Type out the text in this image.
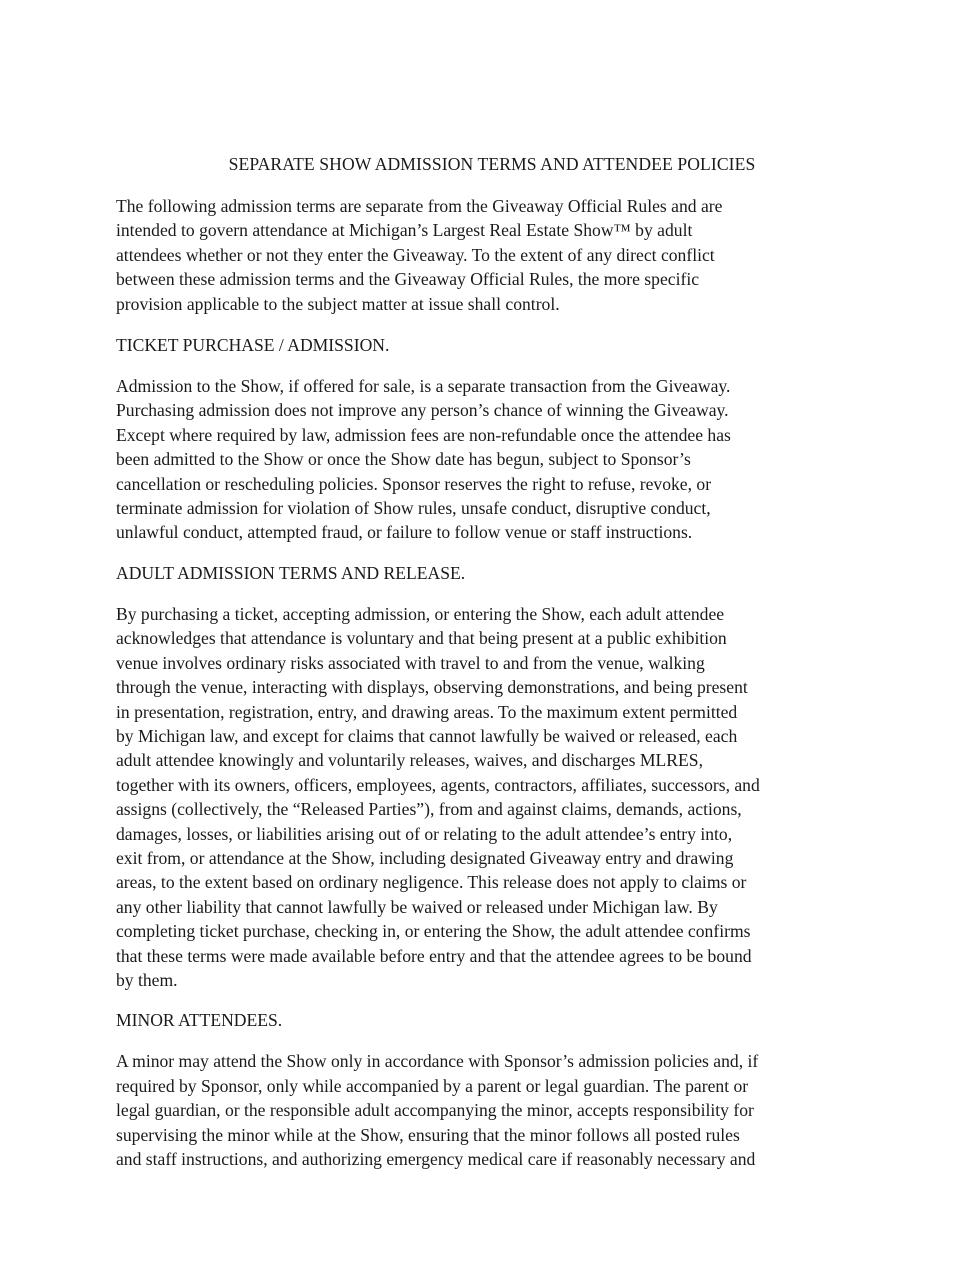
SEPARATE SHOW ADMISSION TERMS AND ATTENDEE POLICIES

The following admission terms are separate from the Giveaway Official Rules and are
intended to govern attendance at Michigan’s Largest Real Estate Show™ by adult
attendees whether or not they enter the Giveaway. To the extent of any direct conflict
between these admission terms and the Giveaway Official Rules, the more specific
provision applicable to the subject matter at issue shall control.

TICKET PURCHASE / ADMISSION.

Admission to the Show, if offered for sale, is a separate transaction from the Giveaway.
Purchasing admission does not improve any person’s chance of winning the Giveaway.
Except where required by law, admission fees are non-refundable once the attendee has
been admitted to the Show or once the Show date has begun, subject to Sponsor’s
cancellation or rescheduling policies. Sponsor reserves the right to refuse, revoke, or
terminate admission for violation of Show rules, unsafe conduct, disruptive conduct,
unlawful conduct, attempted fraud, or failure to follow venue or staff instructions.

ADULT ADMISSION TERMS AND RELEASE.

By purchasing a ticket, accepting admission, or entering the Show, each adult attendee
acknowledges that attendance is voluntary and that being present at a public exhibition
venue involves ordinary risks associated with travel to and from the venue, walking
through the venue, interacting with displays, observing demonstrations, and being present
in presentation, registration, entry, and drawing areas. To the maximum extent permitted
by Michigan law, and except for claims that cannot lawfully be waived or released, each
adult attendee knowingly and voluntarily releases, waives, and discharges MLRES,
together with its owners, officers, employees, agents, contractors, affiliates, successors, and
assigns (collectively, the “Released Parties”), from and against claims, demands, actions,
damages, losses, or liabilities arising out of or relating to the adult attendee’s entry into,
exit from, or attendance at the Show, including designated Giveaway entry and drawing
areas, to the extent based on ordinary negligence. This release does not apply to claims or
any other liability that cannot lawfully be waived or released under Michigan law. By
completing ticket purchase, checking in, or entering the Show, the adult attendee confirms
that these terms were made available before entry and that the attendee agrees to be bound
by them.

MINOR ATTENDEES.

A minor may attend the Show only in accordance with Sponsor’s admission policies and, if
required by Sponsor, only while accompanied by a parent or legal guardian. The parent or
legal guardian, or the responsible adult accompanying the minor, accepts responsibility for
supervising the minor while at the Show, ensuring that the minor follows all posted rules
and staff instructions, and authorizing emergency medical care if reasonably necessary and
